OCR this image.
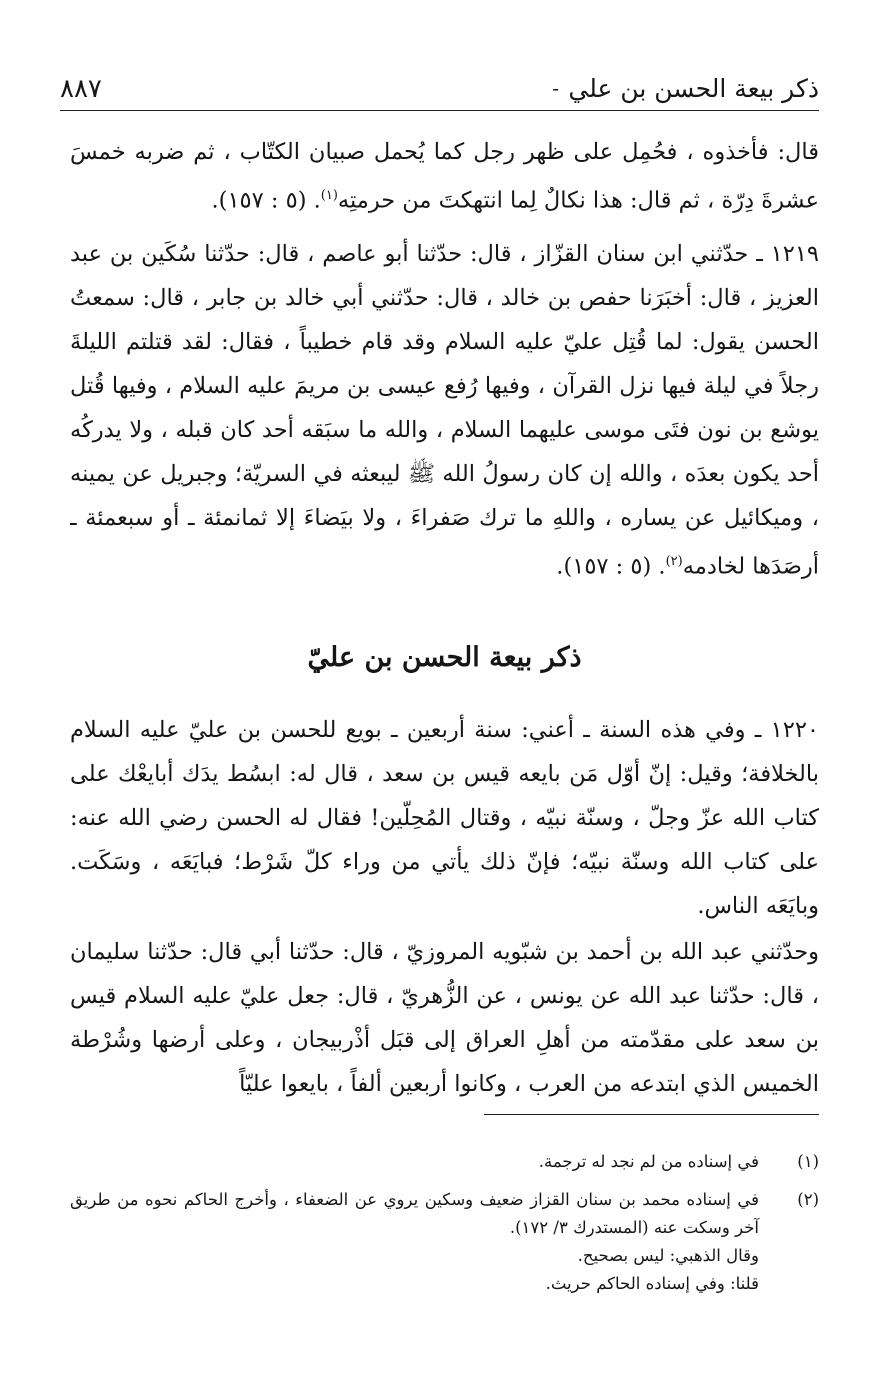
ذكر بيعة الحسن بن علي
-
٨٨٧

قال: فأخذوه ، فحُمِل على ظهر رجل كما يُحمل صبيان الكتّاب ، ثم ضربه خمسَ عشرةَ دِرّة ، ثم قال: هذا نكالٌ لِما انتهكتَ من حرمتِه$^{(١)}$. (٥ : ١٥٧).

١٢١٩ ـ حدّثني ابن سنان القزّاز ، قال: حدّثنا أبو عاصم ، قال: حدّثنا سُكَين بن عبد العزيز ، قال: أخبَرَنا حفص بن خالد ، قال: حدّثني أبي خالد بن جابر ، قال: سمعتُ الحسن يقول: لما قُتِل عليّ عليه السلام وقد قام خطيباً ، فقال: لقد قتلتم الليلةَ رجلاً في ليلة فيها نزل القرآن ، وفيها رُفع عيسى بن مريمَ عليه السلام ، وفيها قُتل يوشع بن نون فتَى موسى عليهما السلام ، والله ما سبَقه أحد كان قبله ، ولا يدركُه أحد يكون بعدَه ، والله إن كان رسولُ الله ﷺ ليبعثه في السريّة؛ وجبريل عن يمينه ، وميكائيل عن يساره ، واللهِ ما ترك صَفراءَ ، ولا بيَضاءَ إلا ثمانمئة ـ أو سبعمئة ـ أرصَدَها لخادمه$^{(٢)}$. (٥ : ١٥٧).

ذكر بيعة الحسن بن عليّ

١٢٢٠ ـ وفي هذه السنة ـ أعني: سنة أربعين ـ بويع للحسن بن عليّ عليه السلام بالخلافة؛ وقيل: إنّ أوّل مَن بايعه قيس بن سعد ، قال له: ابسُط يدَك أبايعْك على كتاب الله عزّ وجلّ ، وسنّة نبيّه ، وقتال المُحِلّين! فقال له الحسن رضي الله عنه: على كتاب الله وسنّة نبيّه؛ فإنّ ذلك يأتي من وراء كلّ شَرْط؛ فبايَعَه ، وسَكَت. وبايَعَه الناس.

وحدّثني عبد الله بن أحمد بن شبّويه المروزيّ ، قال: حدّثنا أبي قال: حدّثنا سليمان ، قال: حدّثنا عبد الله عن يونس ، عن الزُّهريّ ، قال: جعل عليّ عليه السلام قيس بن سعد على مقدّمته من أهلِ العراق إلى قبَل أذْربيجان ، وعلى أرضها وشُرْطة الخميس الذي ابتدعه من العرب ، وكانوا أربعين ألفاً ، بايعوا عليّاً

(١)
في إسناده من لم نجد له ترجمة.
(٢)
في إسناده محمد بن سنان القزاز ضعيف وسكين يروي عن الضعفاء ، وأخرج الحاكم نحوه من طريق آخر وسكت عنه (المستدرك ٣/ ١٧٢).
وقال الذهبي: ليس بصحيح.
قلنا: وفي إسناده الحاكم حريث.
